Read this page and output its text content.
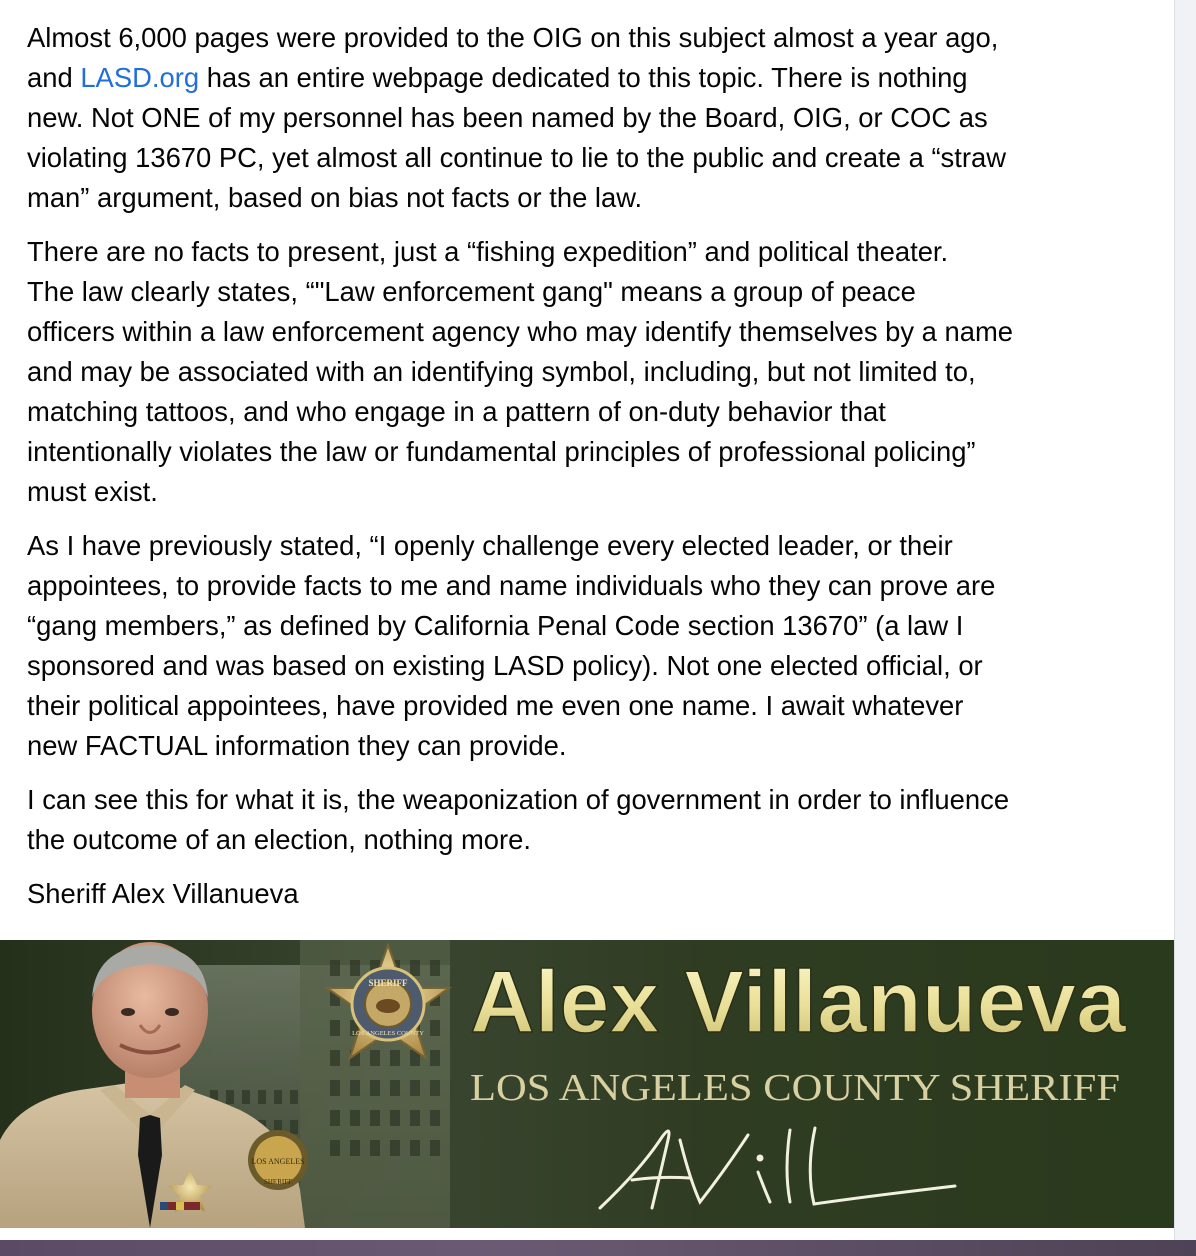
Almost 6,000 pages were provided to the OIG on this subject almost a year ago,
and LASD.org has an entire webpage dedicated to this topic. There is nothing
new. Not ONE of my personnel has been named by the Board, OIG, or COC as
violating 13670 PC, yet almost all continue to lie to the public and create a “straw
man” argument, based on bias not facts or the law.

There are no facts to present, just a “fishing expedition” and political theater.
The law clearly states, “"Law enforcement gang" means a group of peace
officers within a law enforcement agency who may identify themselves by a name
and may be associated with an identifying symbol, including, but not limited to,
matching tattoos, and who engage in a pattern of on-duty behavior that
intentionally violates the law or fundamental principles of professional policing”
must exist.

As I have previously stated, “I openly challenge every elected leader, or their
appointees, to provide facts to me and name individuals who they can prove are
“gang members,” as defined by California Penal Code section 13670” (a law I
sponsored and was based on existing LASD policy). Not one elected official, or
their political appointees, have provided me even one name. I await whatever
new FACTUAL information they can provide.

I can see this for what it is, the weaponization of government in order to influence
the outcome of an election, nothing more.

Sheriff Alex Villanueva

LOS ANGELES
SHERIFF
SHERIFF
LOS ANGELES COUNTY Alex Villanueva
LOS ANGELES COUNTY SHERIFF
